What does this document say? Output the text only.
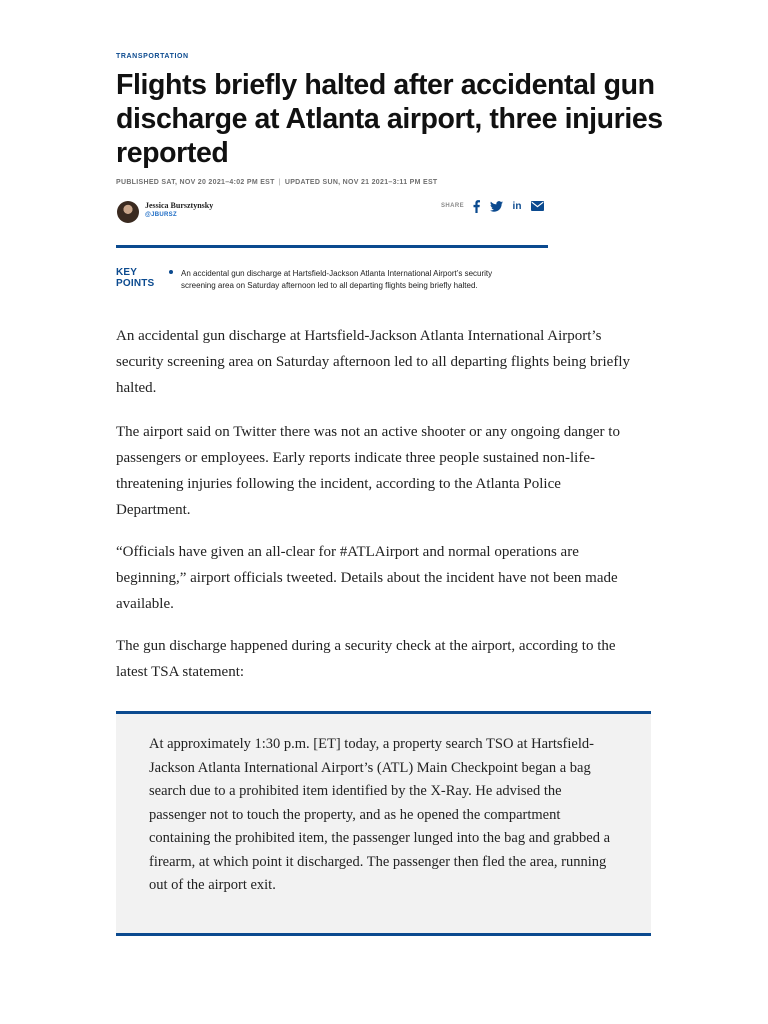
TRANSPORTATION
Flights briefly halted after accidental gun discharge at Atlanta airport, three injuries reported
PUBLISHED SAT, NOV 20 2021–4:02 PM EST | UPDATED SUN, NOV 21 2021–3:11 PM EST
Jessica Bursztynsky
@JBURSZ
SHARE	in
KEY
POINTS

An accidental gun discharge at Hartsfield-Jackson Atlanta International Airport’s security screening area on Saturday afternoon led to all departing flights being briefly halted.

An accidental gun discharge at Hartsfield-Jackson Atlanta International Airport’s security screening area on Saturday afternoon led to all departing flights being briefly halted.

The airport said on Twitter there was not an active shooter or any ongoing danger to passengers or employees. Early reports indicate three people sustained non-life-threatening injuries following the incident, according to the Atlanta Police Department.

“Officials have given an all-clear for #ATLAirport and normal operations are beginning,” airport officials tweeted. Details about the incident have not been made available.

The gun discharge happened during a security check at the airport, according to the latest TSA statement:

At approximately 1:30 p.m. [ET] today, a property search TSO at Hartsfield-Jackson Atlanta International Airport’s (ATL) Main Checkpoint began a bag search due to a prohibited item identified by the X-Ray. He advised the passenger not to touch the property, and as he opened the compartment containing the prohibited item, the passenger lunged into the bag and grabbed a firearm, at which point it discharged. The passenger then fled the area, running out of the airport exit.
